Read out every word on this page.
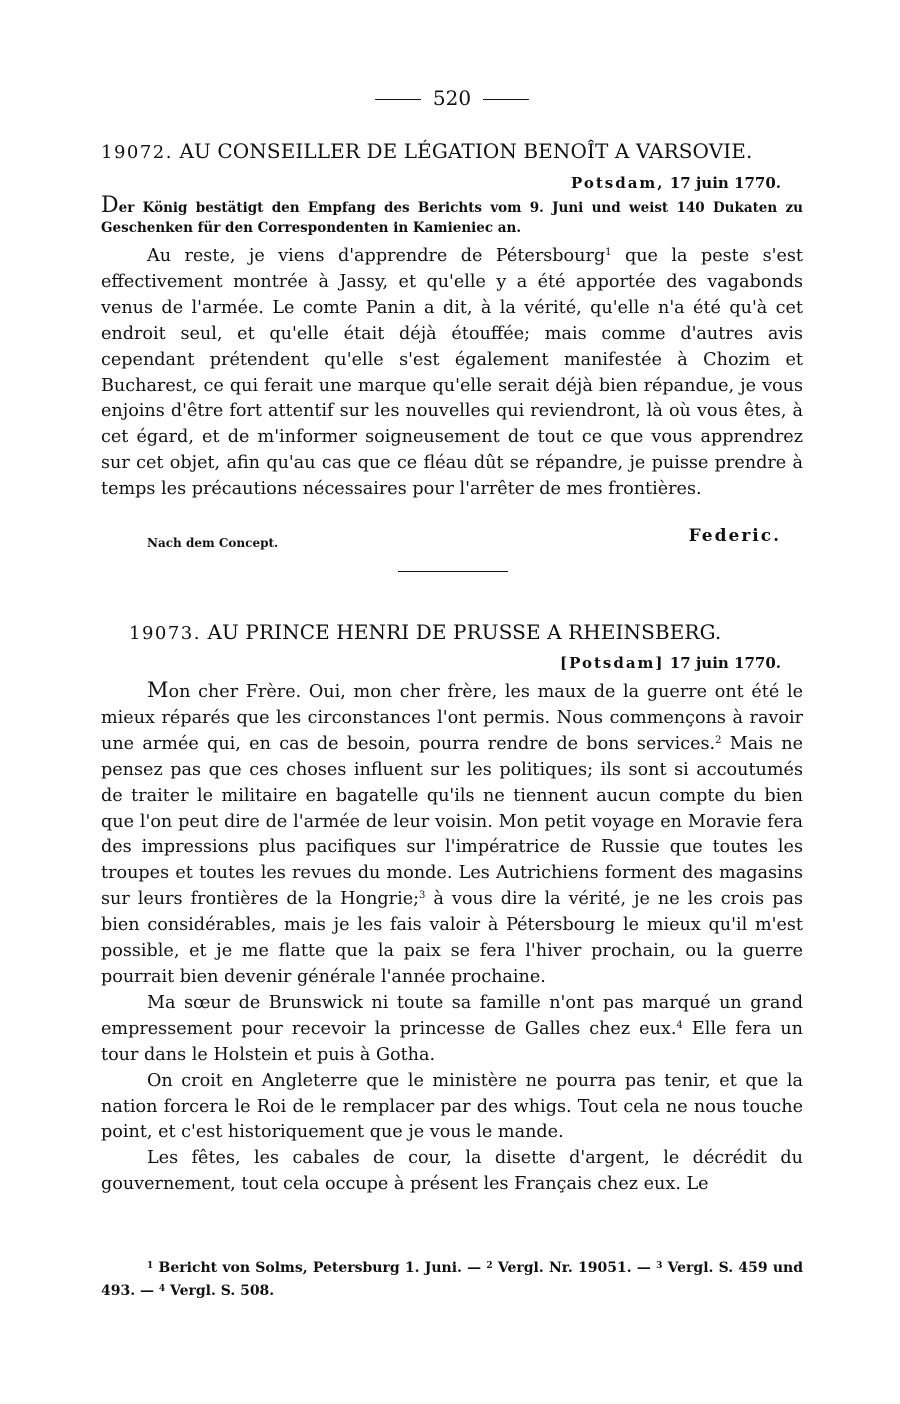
520
19072. AU CONSEILLER DE LÉGATION BENOÎT A VARSOVIE.
Potsdam, 17 juin 1770.
Der König bestätigt den Empfang des Berichts vom 9. Juni und weist 140 Dukaten zu Geschenken für den Correspondenten in Kamieniec an.

Au reste, je viens d'apprendre de Pétersbourg$^1$ que la peste s'est effectivement montrée à Jassy, et qu'elle y a été apportée des vagabonds venus de l'armée. Le comte Panin a dit, à la vérité, qu'elle n'a été qu'à cet endroit seul, et qu'elle était déjà étouffée; mais comme d'autres avis cependant prétendent qu'elle s'est également manifestée à Chozim et Bucharest, ce qui ferait une marque qu'elle serait déjà bien répandue, je vous enjoins d'être fort attentif sur les nouvelles qui reviendront, là où vous êtes, à cet égard, et de m'informer soigneusement de tout ce que vous apprendrez sur cet objet, afin qu'au cas que ce fléau dût se répandre, je puisse prendre à temps les précautions nécessaires pour l'arrêter de mes frontières.

Nach dem Concept.	Federic.
19073. AU PRINCE HENRI DE PRUSSE A RHEINSBERG.
[Potsdam] 17 juin 1770.

Mon cher Frère. Oui, mon cher frère, les maux de la guerre ont été le mieux réparés que les circonstances l'ont permis. Nous commençons à ravoir une armée qui, en cas de besoin, pourra rendre de bons services.$^2$ Mais ne pensez pas que ces choses influent sur les politiques; ils sont si accoutumés de traiter le militaire en bagatelle qu'ils ne tiennent aucun compte du bien que l'on peut dire de l'armée de leur voisin. Mon petit voyage en Moravie fera des impressions plus pacifiques sur l'impératrice de Russie que toutes les troupes et toutes les revues du monde. Les Autrichiens forment des magasins sur leurs frontières de la Hongrie;$^3$ à vous dire la vérité, je ne les crois pas bien considérables, mais je les fais valoir à Pétersbourg le mieux qu'il m'est possible, et je me flatte que la paix se fera l'hiver prochain, ou la guerre pourrait bien devenir générale l'année prochaine.

Ma sœur de Brunswick ni toute sa famille n'ont pas marqué un grand empressement pour recevoir la princesse de Galles chez eux.$^4$ Elle fera un tour dans le Holstein et puis à Gotha.

On croit en Angleterre que le ministère ne pourra pas tenir, et que la nation forcera le Roi de le remplacer par des whigs. Tout cela ne nous touche point, et c'est historiquement que je vous le mande.

Les fêtes, les cabales de cour, la disette d'argent, le décrédit du gouvernement, tout cela occupe à présent les Français chez eux. Le

$^1$ Bericht von Solms, Petersburg 1. Juni. — $^2$ Vergl. Nr. 19051. — $^3$ Vergl. S. 459 und 493. — $^4$ Vergl. S. 508.
